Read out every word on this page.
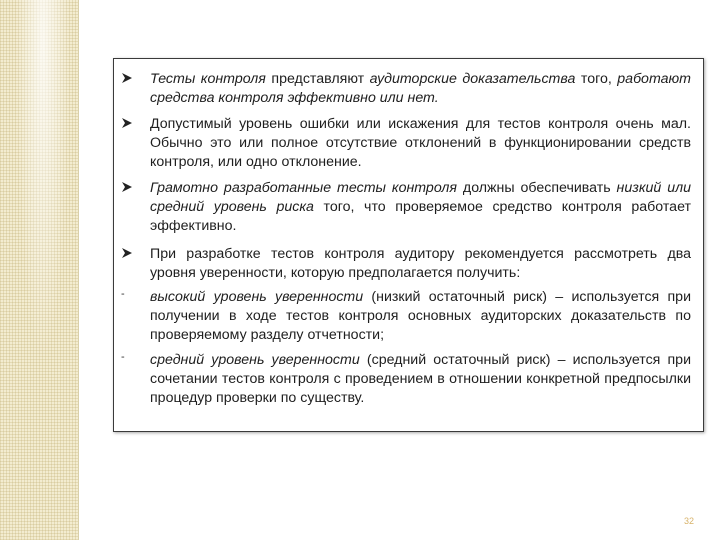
Тесты контроля представляют аудиторские доказательства того, работают средства контроля эффективно или нет.
Допустимый уровень ошибки или искажения для тестов контроля очень мал. Обычно это или полное отсутствие отклонений в функционировании средств контроля, или одно отклонение.
Грамотно разработанные тесты контроля должны обеспечивать низкий или средний уровень риска того, что проверяемое средство контроля работает эффективно.
При разработке тестов контроля аудитору рекомендуется рассмотреть два уровня уверенности, которую предполагается получить:
- высокий уровень уверенности (низкий остаточный риск) – используется при получении в ходе тестов контроля основных аудиторских доказательств по проверяемому разделу отчетности;
- средний уровень уверенности (средний остаточный риск) – используется при сочетании тестов контроля с проведением в отношении конкретной предпосылки процедур проверки по существу.
32
